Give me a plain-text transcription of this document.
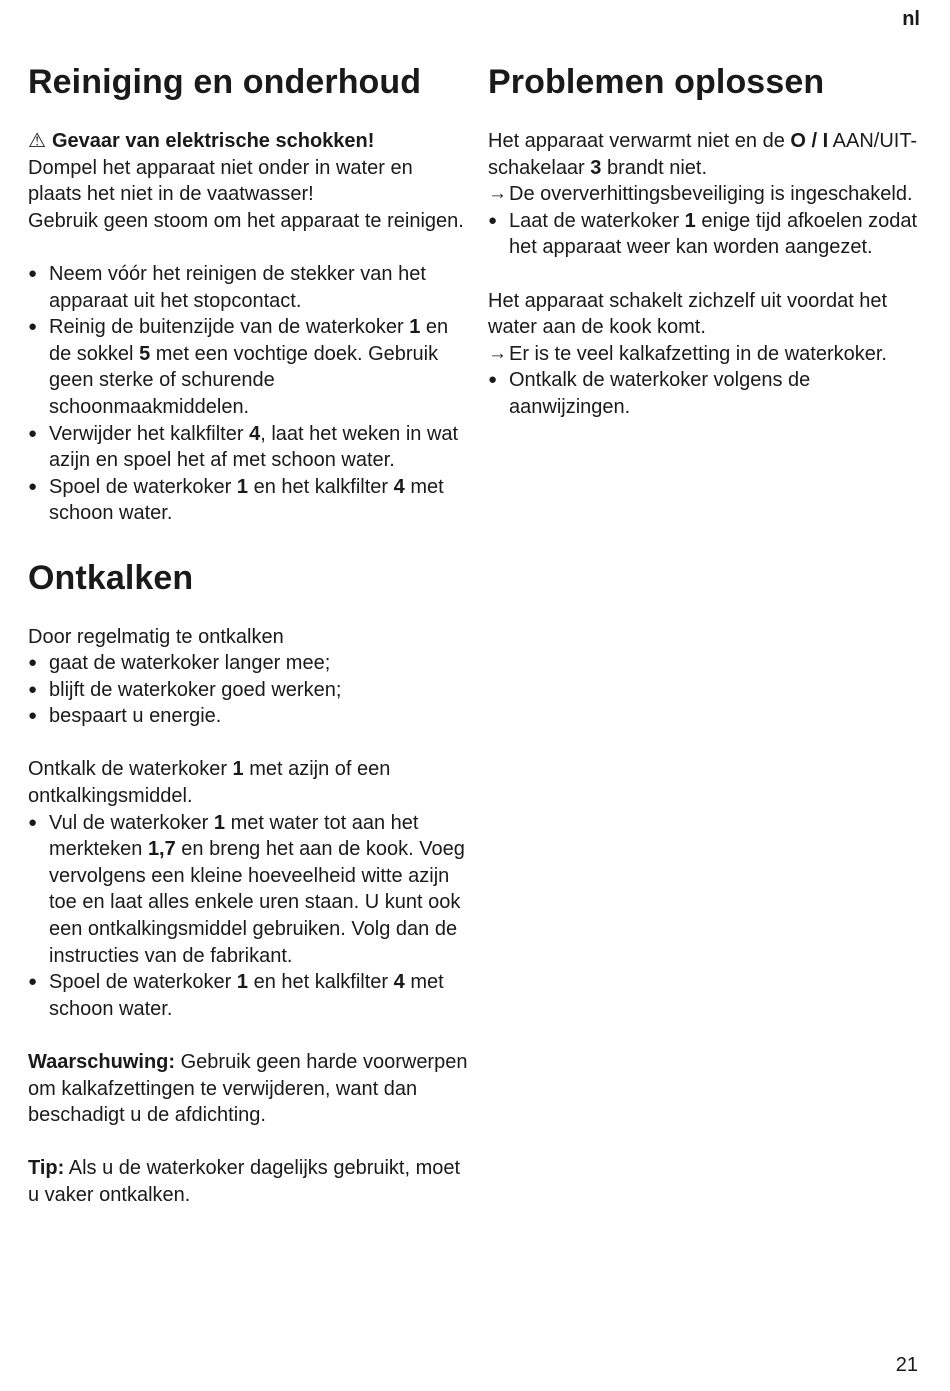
nl
Reiniging en onderhoud

⚠ Gevaar van elektrische schokken!

Dompel het apparaat niet onder in water en plaats het niet in de vaatwasser!

Gebruik geen stoom om het apparaat te reinigen.

● Neem vóór het reinigen de stekker van het apparaat uit het stopcontact.
● Reinig de buitenzijde van de waterkoker 1 en de sokkel 5 met een vochtige doek. Gebruik geen sterke of schurende schoonmaakmiddelen.
● Verwijder het kalkfilter 4, laat het weken in wat azijn en spoel het af met schoon water.
● Spoel de waterkoker 1 en het kalkfilter 4 met schoon water.
Ontkalken

Door regelmatig te ontkalken

● gaat de waterkoker langer mee;
● blijft de waterkoker goed werken;
● bespaart u energie.

Ontkalk de waterkoker 1 met azijn of een ontkalkingsmiddel.

● Vul de waterkoker 1 met water tot aan het merkteken 1,7 en breng het aan de kook. Voeg vervolgens een kleine hoeveelheid witte azijn toe en laat alles enkele uren staan. U kunt ook een ontkalkingsmiddel gebruiken. Volg dan de instructies van de fabrikant.
● Spoel de waterkoker 1 en het kalkfilter 4 met schoon water.

Waarschuwing: Gebruik geen harde voorwerpen om kalkafzettingen te verwijderen, want dan beschadigt u de afdichting.

Tip: Als u de waterkoker dagelijks gebruikt, moet u vaker ontkalken.

Problemen oplossen

Het apparaat verwarmt niet en de O / I AAN/UIT-schakelaar 3 brandt niet.

→ De oververhittingsbeveiliging is ingeschakeld.
● Laat de waterkoker 1 enige tijd afkoelen zodat het apparaat weer kan worden aangezet.

Het apparaat schakelt zichzelf uit voordat het water aan de kook komt.

→ Er is te veel kalkafzetting in de waterkoker.
● Ontkalk de waterkoker volgens de aanwijzingen.
21
